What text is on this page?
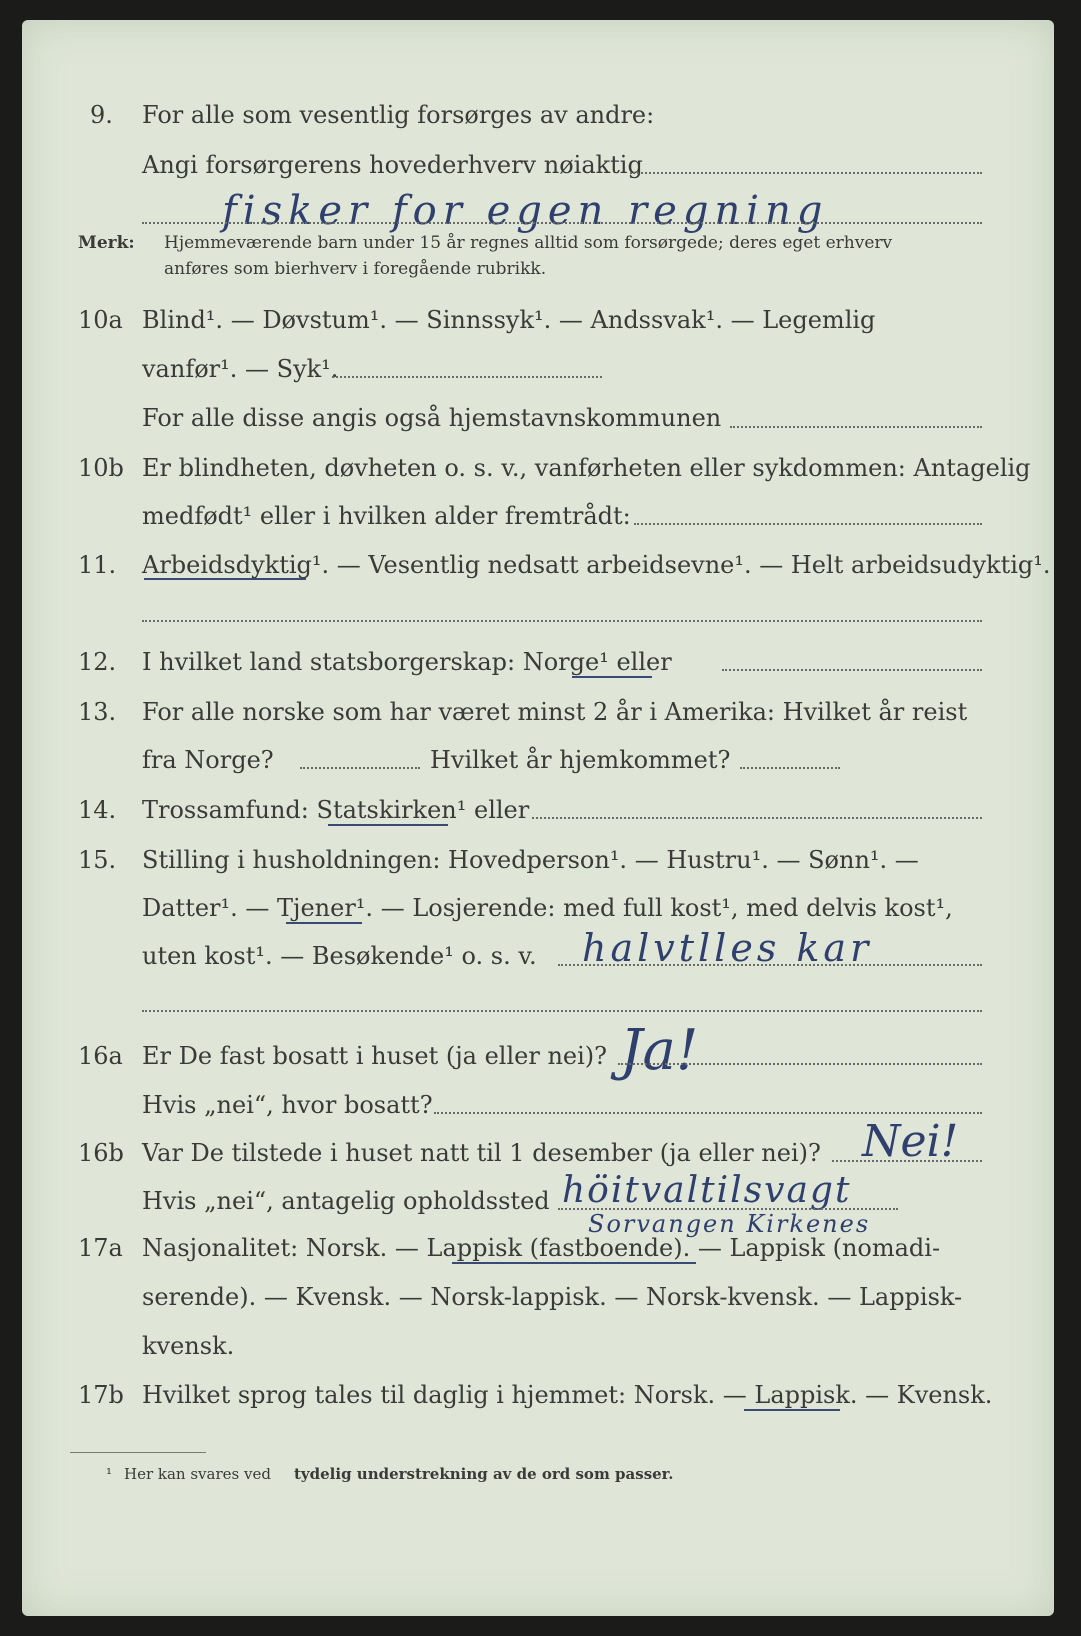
9. For alle som vesentlig forsørges av andre:
Angi forsørgerens hovederhverv nøiaktig
fisker for egen regning
Merk: Hjemmeværende barn under 15 år regnes alltid som forsørgede; deres eget erhverv
anføres som bierhverv i foregående rubrikk.
10a Blind¹. — Døvstum¹. — Sinnssyk¹. — Andssvak¹. — Legemlig
vanfør¹. — Syk¹.
For alle disse angis også hjemstavnskommunen
10b Er blindheten, døvheten o. s. v., vanførheten eller sykdommen: Antagelig
medfødt¹ eller i hvilken alder fremtrådt:
11. Arbeidsdyktig¹. — Vesentlig nedsatt arbeidsevne¹. — Helt arbeidsudyktig¹.
12. I hvilket land statsborgerskap: Norge¹ eller
13. For alle norske som har været minst 2 år i Amerika: Hvilket år reist
fra Norge?	Hvilket år hjemkommet?
14. Trossamfund: Statskirken¹ eller
15. Stilling i husholdningen: Hovedperson¹. — Hustru¹. — Sønn¹. —
Datter¹. — Tjener¹. — Losjerende: med full kost¹, med delvis kost¹,
uten kost¹. — Besøkende¹ o. s. v. halvtlles kar
16a Er De fast bosatt i huset (ja eller nei)? Ja!
Hvis „nei“, hvor bosatt?
16b Var De tilstede i huset natt til 1 desember (ja eller nei)? Nei!
Hvis „nei“, antagelig opholdssted höitvaltilsvagt
Sorvangen Kirkenes
17a Nasjonalitet: Norsk. — Lappisk (fastboende). — Lappisk (nomadi-
serende). — Kvensk. — Norsk-lappisk. — Norsk-kvensk. — Lappisk-
kvensk.
17b Hvilket sprog tales til daglig i hjemmet: Norsk. — Lappisk. — Kvensk.
¹ Her kan svares ved tydelig understrekning av de ord som passer.
